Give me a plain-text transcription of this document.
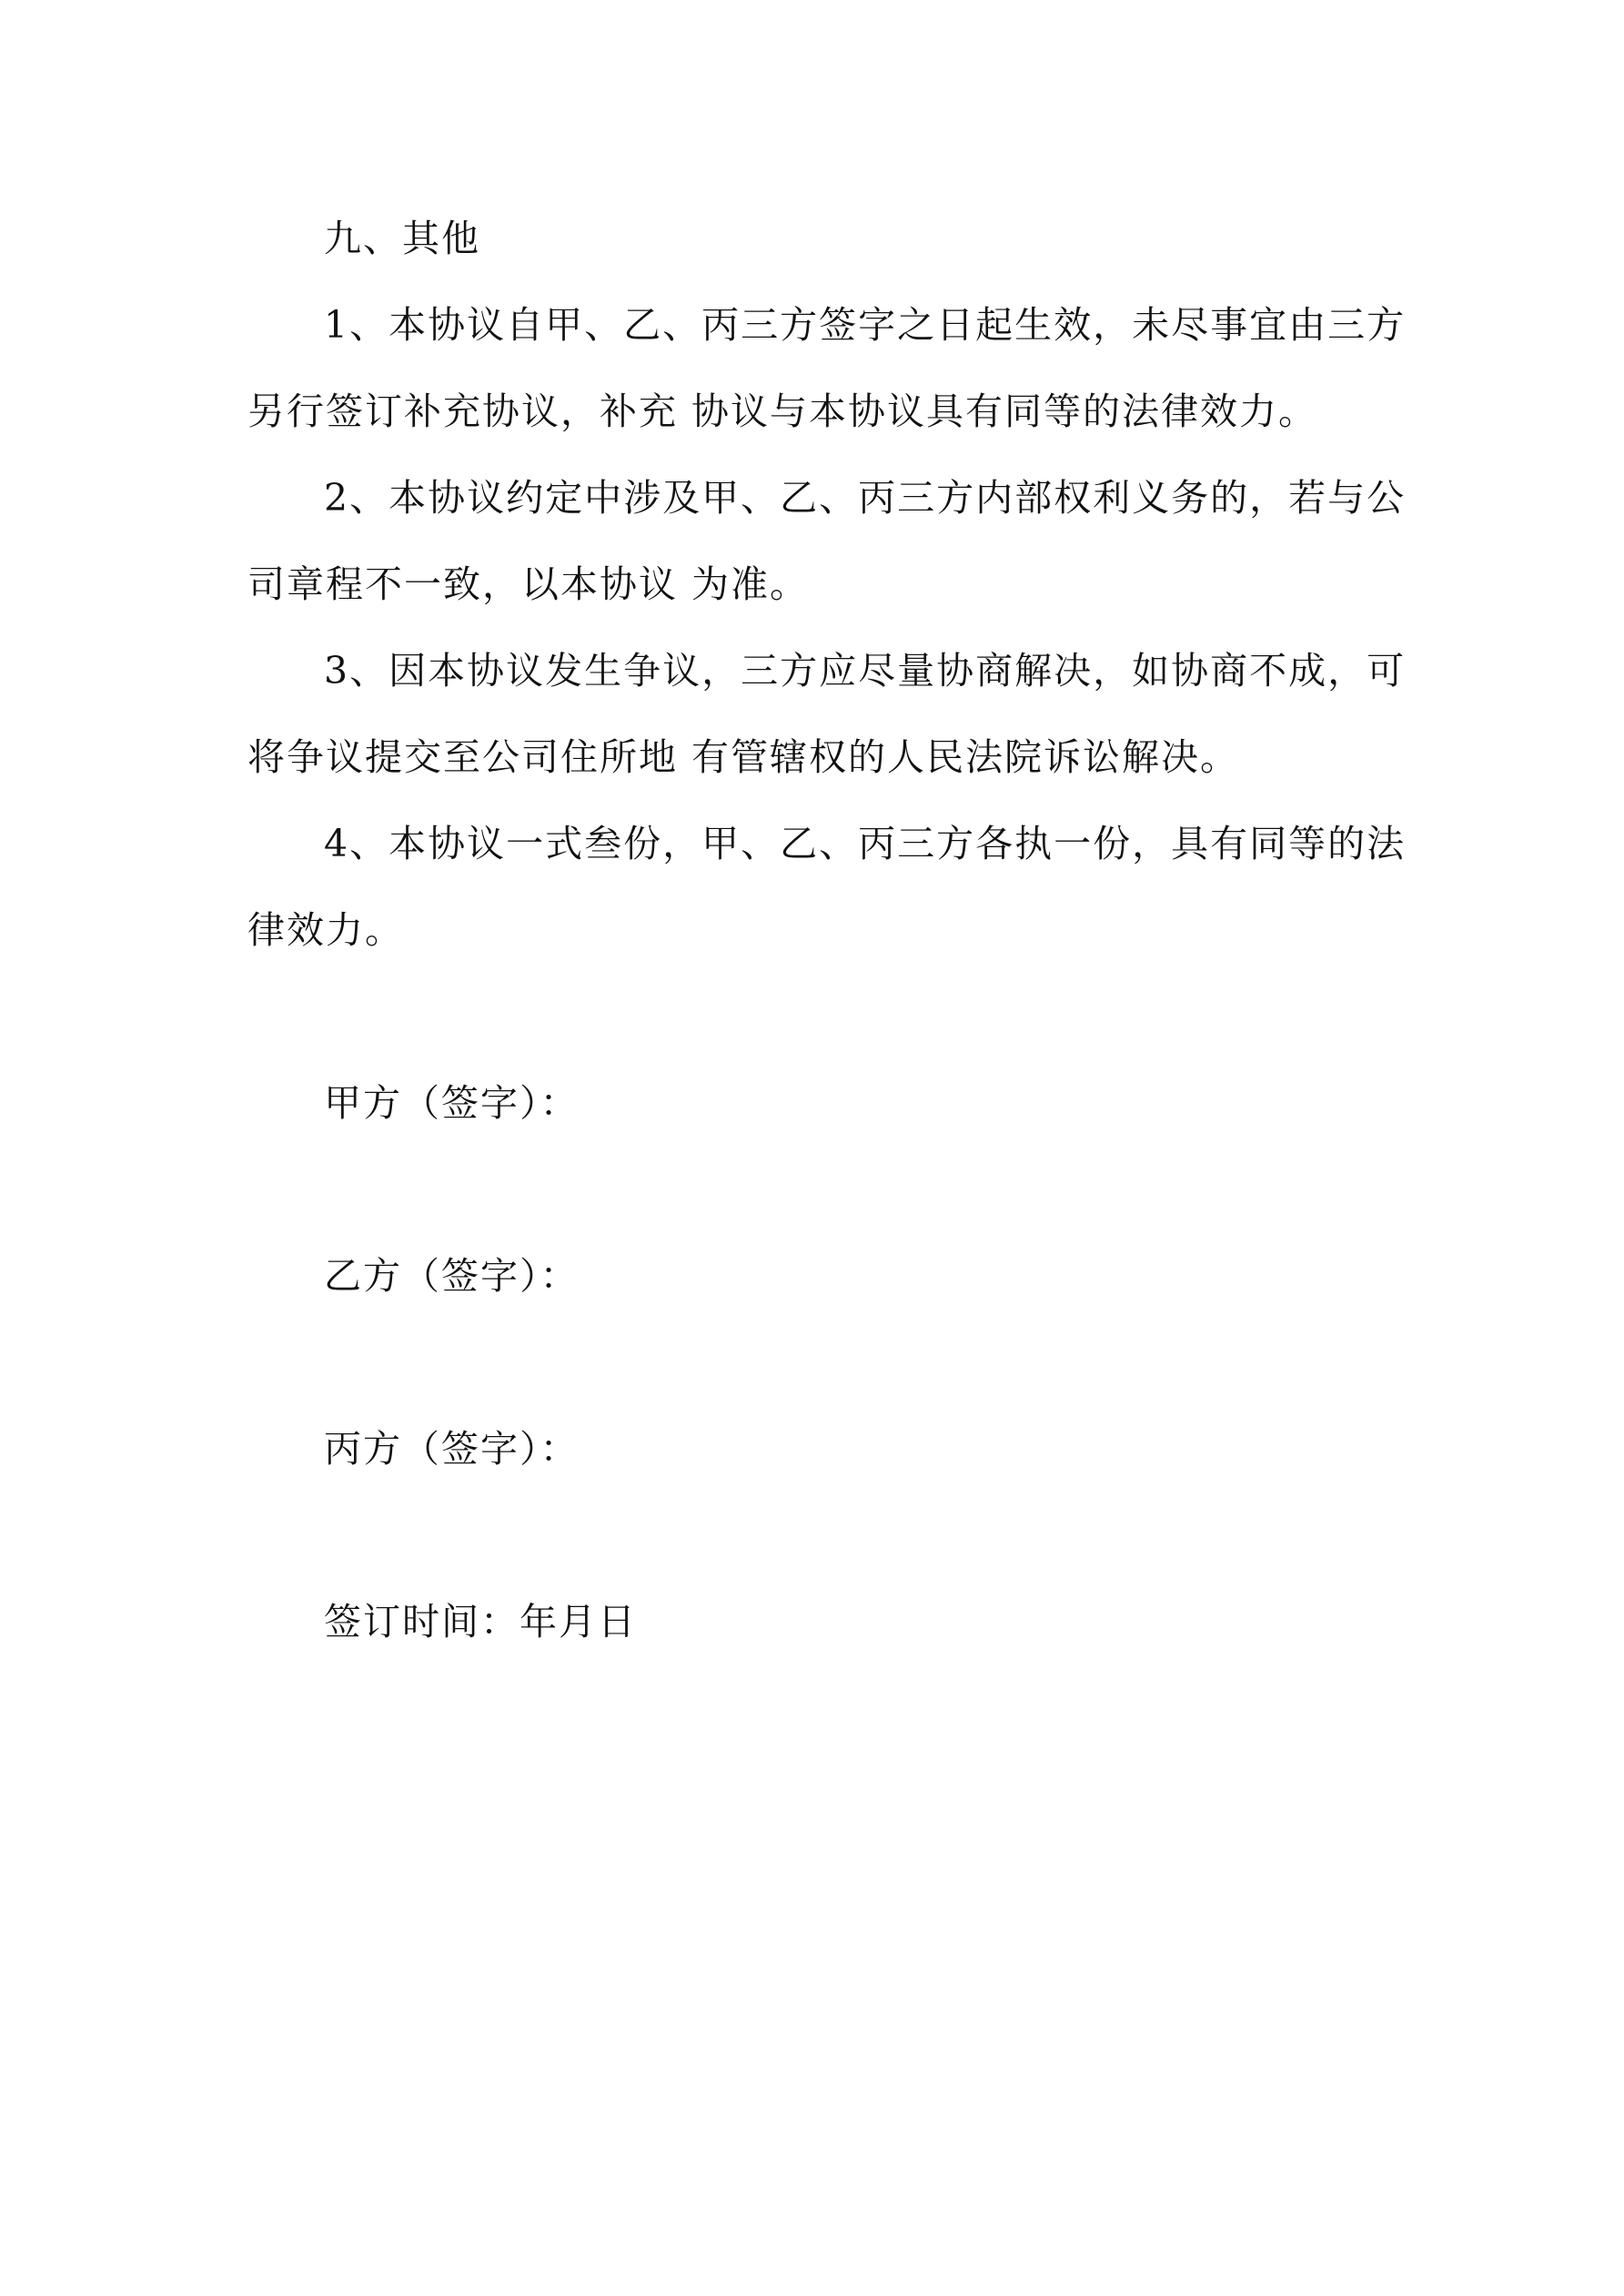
九、其他
1、本协议自甲、乙、丙三方签字之日起生效，未尽事宜由三方
另行签订补充协议，补充 协议与本协议具有同等的法律效力。
2、本协议约定中涉及甲、乙、丙三方内部权利义务的，若与公
司章程不一致，以本协议 为准。
3、因本协议发生争议，三方应尽量协商解决，如协商不成，可
将争议提交至公司住所地 有管辖权的人民法院诉讼解决。
4、本协议一式叁份，甲、乙、丙三方各执一份，具有同等的法
律效力。
甲方（签字）：
乙方（签字）：
丙方（签字）：
签订时间：年月日
